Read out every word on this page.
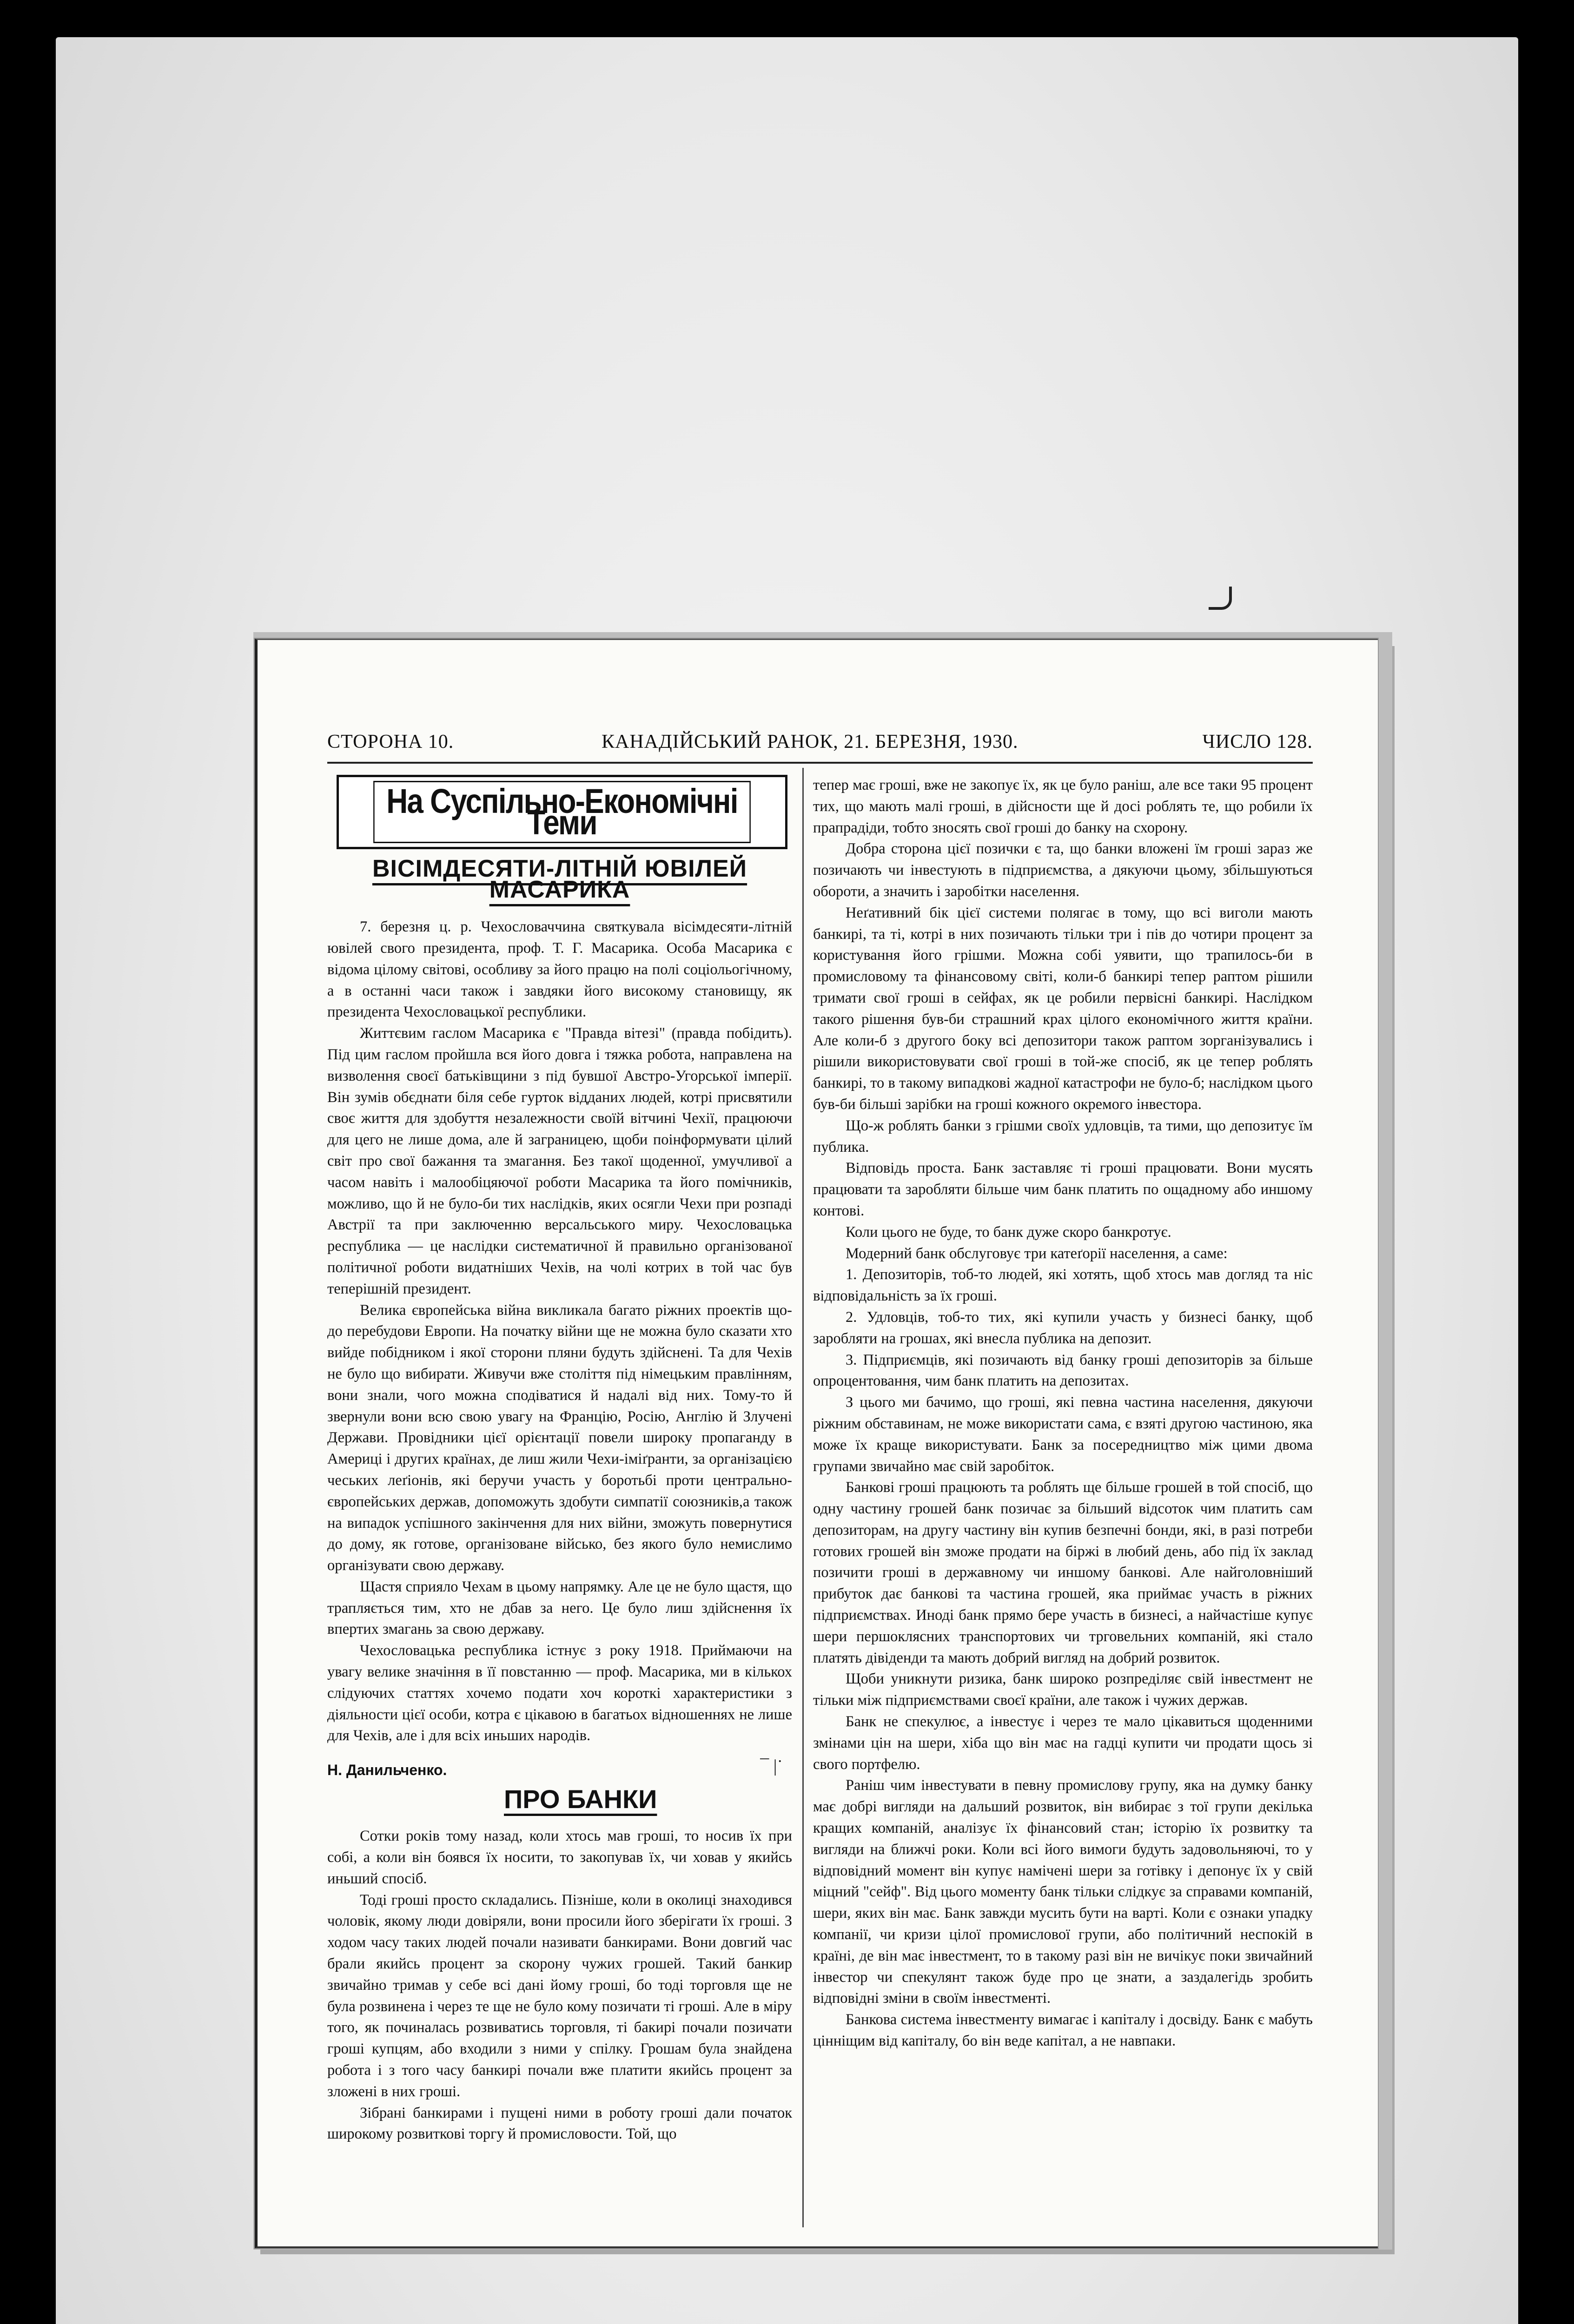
СТОРОНА 10.	КАНАДІЙСЬКИЙ РАНОК, 21. БЕРЕЗНЯ, 1930.	ЧИСЛО 128.
На Суспільно-Економічні Теми
ВІСІМДЕСЯТИ-ЛІТНІЙ ЮВІЛЕЙ МАСАРИКА

7. березня ц. р. Чехословаччина святкувала вісімдесяти-літній ювілей свого президента, проф. Т. Г. Масарика. Особа Масарика є відома цілому світові, особливу за його працю на полі соціольогічному, а в останні часи також і завдяки його високому становищу, як президента Чехословацької республики.

Життєвим гаслом Масарика є "Правда вітезі" (правда побідить). Під цим гаслом пройшла вся його довга і тяжка робота, направлена на визволення своєї батьківщини з під бувшої Австро-Угорської імперії. Він зумів обєднати біля себе гурток відданих людей, котрі присвятили своє життя для здобуття незалежности своїй вітчині Чехії, працюючи для цего не лише дома, але й заграницею, щоби поінформувати цілий світ про свої бажання та змагання. Без такої щоденної, умучливої а часом навіть і малообіцяючої роботи Масарика та його помічників, можливо, що й не було-би тих наслідків, яких осягли Чехи при розпаді Австрії та при заключенню версальського миру. Чехословацька республика — це наслідки систематичної й правильно організованої політичної роботи видатніших Чехів, на чолі котрих в той час був теперішній президент.

Велика європейська війна викликала багато ріжних проектів що-до перебудови Европи. На початку війни ще не можна було сказати хто вийде побідником і якої сторони пляни будуть здійснені. Та для Чехів не було що вибирати. Живучи вже століття під німецьким правлінням, вони знали, чого можна сподіватися й надалі від них. Тому-то й звернули вони всю свою увагу на Францію, Росію, Англію й Злучені Держави. Провідники цієї орієнтації повели широку пропаганду в Америці і других країнах, де лиш жили Чехи-іміґранти, за організацією чеських леґіонів, які беручи участь у боротьбі проти центрально-європейських держав, допоможуть здобути симпатії союзників,а також на випадок успішного закінчення для них війни, зможуть повернутися до дому, як готове, організоване військо, без якого було немислимо організувати свою державу.

Щастя сприяло Чехам в цьому напрямку. Але це не було щастя, що трапляється тим, хто не дбав за него. Це було лиш здійснення їх впертих змагань за свою державу.

Чехословацька республика істнує з року 1918. Приймаючи на увагу велике значіння в її повстанню — проф. Масарика, ми в кількох слідуючих статтях хочемо подати хоч короткі характеристики з діяльности цієї особи, котра є цікавою в багатьох відношеннях не лише для Чехів, але і для всіх иньших народів.

Н. Данильченко.	¯ |˙
ПРО БАНКИ

Сотки років тому назад, коли хтось мав гроші, то носив їх при собі, а коли він боявся їх носити, то закопував їх, чи ховав у якийсь иньший спосіб.

Тоді гроші просто складались. Пізніше, коли в околиці знаходився чоловік, якому люди довіряли, вони просили його зберігати їх гроші. З ходом часу таких людей почали називати банкирами. Вони довгий час брали якийсь процент за скорону чужих грошей. Такий банкир звичайно тримав у себе всі дані йому гроші, бо тоді торговля ще не була розвинена і через те ще не було кому позичати ті гроші. Але в міру того, як починалась розвиватись торговля, ті бакирі почали позичати гроші купцям, або входили з ними у спілку. Грошам була знайдена робота і з того часу банкирі почали вже платити якийсь процент за зложені в них гроші.

Зібрані банкирами і пущені ними в роботу гроші дали початок широкому розвиткові торгу й промисловости. Той, що

тепер має гроші, вже не закопує їх, як це було раніш, але все таки 95 процент тих, що мають малі гроші, в дійсности ще й досі роблять те, що робили їх прапрадіди, тобто зносять свої гроші до банку на схорону.

Добра сторона цієї позички є та, що банки вложені їм гроші зараз же позичають чи інвестують в підприємства, а дякуючи цьому, збільшуються обороти, а значить і заробітки населення.

Неґативний бік цієї системи полягає в тому, що всі виголи мають банкирі, та ті, котрі в них позичають тільки три і пів до чотири процент за користування його грішми. Можна собі уявити, що трапилось-би в промисловому та фінансовому світі, коли-б банкирі тепер раптом рішили тримати свої гроші в сейфах, як це робили первісні банкирі. Наслідком такого рішення був-би страшний крах цілого економічного життя країни. Але коли-б з другого боку всі депозитори також раптом зорганізувались і рішили використовувати свої гроші в той-же спосіб, як це тепер роблять банкирі, то в такому випадкові жадної катастрофи не було-б; наслідком цього був-би більші зарібки на гроші кожного окремого інвестора.

Що-ж роблять банки з грішми своїх удловців, та тими, що депозитує їм публика.

Відповідь проста. Банк заставляє ті гроші працювати. Вони мусять працювати та заробляти більше чим банк платить по ощадному або иншому контові.

Коли цього не буде, то банк дуже скоро банкротує.

Модерний банк обслуговує три катеґорії населення, а саме:

1. Депозиторів, тоб-то людей, які хотять, щоб хтось мав догляд та ніс відповідальність за їх гроші.

2. Удловців, тоб-то тих, які купили участь у бизнесі банку, щоб заробляти на грошах, які внесла публика на депозит.

3. Підприємців, які позичають від банку гроші депозиторів за більше опроцентовання, чим банк платить на депозитах.

З цього ми бачимо, що гроші, які певна частина населення, дякуючи ріжним обставинам, не може використати сама, є взяті другою частиною, яка може їх краще використувати. Банк за посередництво між цими двома групами звичайно має свій заробіток.

Банкові гроші працюють та роблять ще більше грошей в той спосіб, що одну частину грошей банк позичає за більший відсоток чим платить сам депозиторам, на другу частину він купив безпечні бонди, які, в разі потреби готових грошей він зможе продати на біржі в любий день, або під їх заклад позичити гроші в державному чи иншому банкові. Але найголовніший прибуток дає банкові та частина грошей, яка приймає участь в ріжних підприємствах. Иноді банк прямо бере участь в бизнесі, а найчастіше купує шери першоклясних транспортових чи трговельних компаній, які стало платять дівіденди та мають добрий вигляд на добрий розвиток.

Щоби уникнути ризика, банк широко розпреділяє свій інвестмент не тільки між підприємствами своєї країни, але також і чужих держав.

Банк не спекулює, а інвестує і через те мало цікавиться щоденними змінами цін на шери, хіба що він має на гадці купити чи продати щось зі свого портфелю.

Раніш чим інвестувати в певну промислову групу, яка на думку банку має добрі вигляди на дальший розвиток, він вибирає з тої групи декілька кращих компаній, аналізує їх фінансовий стан; історію їх розвитку та вигляди на ближчі роки. Коли всі його вимоги будуть задовольняючі, то у відповідний момент він купує намічені шери за готівку і депонує їх у свій міцний "сейф". Від цього моменту банк тільки слідкує за справами компаній, шери, яких він має. Банк завжди мусить бути на варті. Коли є ознаки упадку компанії, чи кризи цілої промислової групи, або політичний неспокій в країні, де він має інвестмент, то в такому разі він не вичікує поки звичайний інвестор чи спекулянт також буде про це знати, а заздалегідь зробить відповідні зміни в своїм інвестменті.

Банкова система інвестменту вимагає і капіталу і досвіду. Банк є мабуть цінніщим від капіталу, бо він веде капітал, а не навпаки.
